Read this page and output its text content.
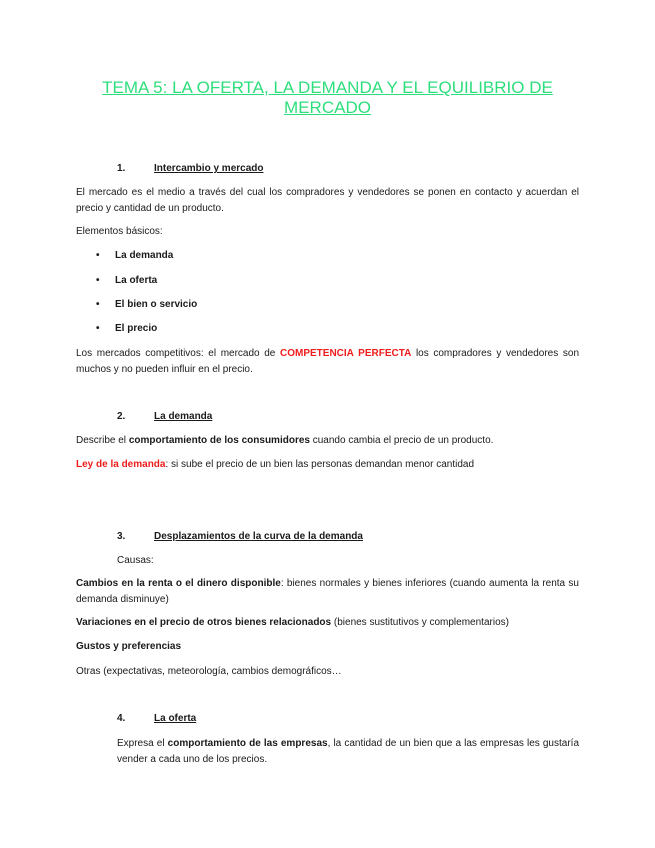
TEMA 5: LA OFERTA, LA DEMANDA Y EL EQUILIBRIO DE
MERCADO
1.	Intercambio y mercado
El mercado es el medio a través del cual los compradores y vendedores se ponen en contacto y acuerdan el precio y cantidad de un producto.
Elementos básicos:
• La demanda
• La oferta
• El bien o servicio
• El precio
Los mercados competitivos: el mercado de COMPETENCIA PERFECTA los compradores y vendedores son muchos y no pueden influir en el precio.
2.	La demanda
Describe el comportamiento de los consumidores cuando cambia el precio de un producto.
Ley de la demanda: si sube el precio de un bien las personas demandan menor cantidad
3.	Desplazamientos de la curva de la demanda
Causas:
Cambios en la renta o el dinero disponible: bienes normales y bienes inferiores (cuando aumenta la renta su demanda disminuye)
Variaciones en el precio de otros bienes relacionados (bienes sustitutivos y complementarios)
Gustos y preferencias
Otras (expectativas, meteorología, cambios demográficos…
4.	La oferta
Expresa el comportamiento de las empresas, la cantidad de un bien que a las empresas les gustaría vender a cada uno de los precios.
